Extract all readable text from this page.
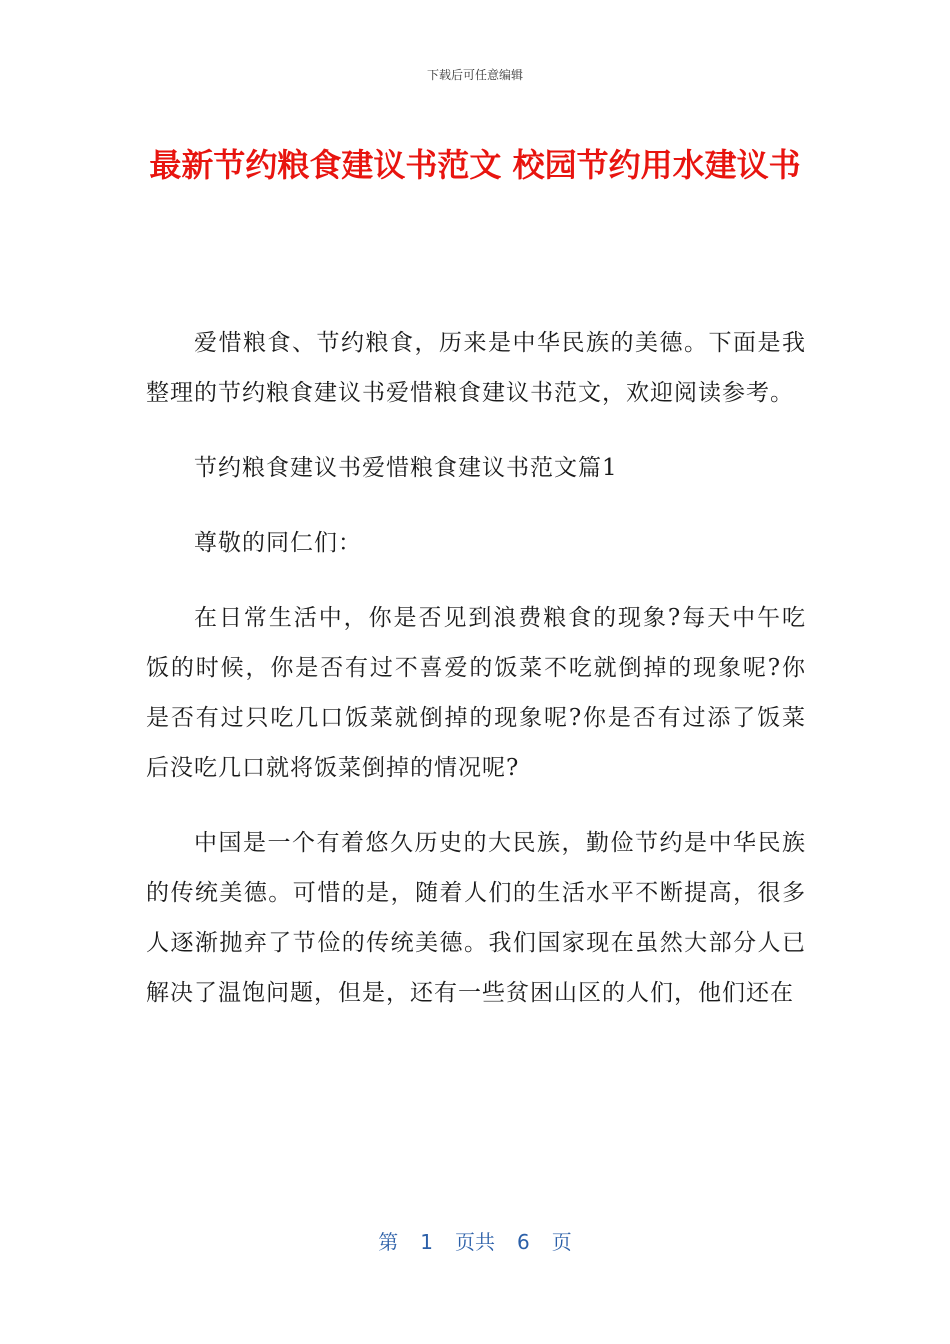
下载后可任意编辑
最新节约粮食建议书范文 校园节约用水建议书

爱惜粮食、节约粮食，历来是中华民族的美德。下面是我整理的节约粮食建议书爱惜粮食建议书范文，欢迎阅读参考。

节约粮食建议书爱惜粮食建议书范文篇1

尊敬的同仁们：

在日常生活中，你是否见到浪费粮食的现象?每天中午吃饭的时候，你是否有过不喜爱的饭菜不吃就倒掉的现象呢?你是否有过只吃几口饭菜就倒掉的现象呢?你是否有过添了饭菜后没吃几口就将饭菜倒掉的情况呢?

中国是一个有着悠久历史的大民族，勤俭节约是中华民族的传统美德。可惜的是，随着人们的生活水平不断提高，很多人逐渐抛弃了节俭的传统美德。我们国家现在虽然大部分人已解决了温饱问题，但是，还有一些贫困山区的人们，他们还在

第 1 页共 6 页
